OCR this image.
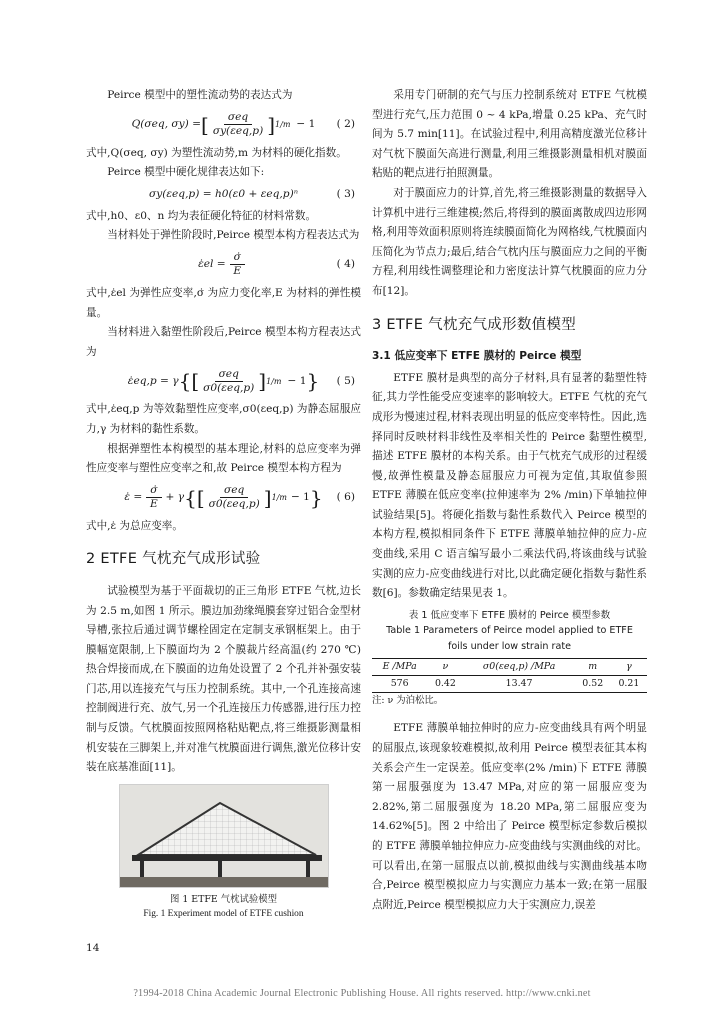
Peirce 模型中的塑性流动势的表达式为

Q(σeq, σy) = [ $\frac{\text{σeq}}{\text{σy(εeq,p)}}$ ] 1/m − 1 ( 2)

式中,Q(σeq, σy) 为塑性流动势,m 为材料的硬化指数。

Peirce 模型中硬化规律表达如下:

σy(εeq,p) = h0(ε0 + εeq,p)ⁿ	( 3)

式中,h0、ε0、n 均为表征硬化特征的材料常数。

当材料处于弹性阶段时,Peirce 模型本构方程表达式为

ε̇el = $\frac{\sigmȧ}{E}$	( 4)

式中,ε̇el 为弹性应变率,σ̇ 为应力变化率,E 为材料的弹性模量。

当材料进入黏塑性阶段后,Peirce 模型本构方程表达式为

ε̇eq,p = γ {[ $\frac{\text{σeq}}{\text{σ0(εeq,p)}}$ ] 1/m − 1 } ( 5)

式中,ε̇eq,p 为等效黏塑性应变率,σ0(εeq,p) 为静态屈服应力,γ 为材料的黏性系数。

根据弹塑性本构模型的基本理论,材料的总应变率为弹性应变率与塑性应变率之和,故 Peirce 模型本构方程为

ε̇ = $\frac{\sigmȧ}{E} + \gamma$ {[ $\frac{\text{σeq}}{\text{σ0(εeq,p)}}$ ] 1/m − 1 } ( 6)

式中,ε̇ 为总应变率。

2 ETFE 气枕充气成形试验

试验模型为基于平面裁切的正三角形 ETFE 气枕,边长为 2.5 m,如图 1 所示。膜边加劲缘绳膜套穿过铝合金型材导槽,张拉后通过调节螺栓固定在定制支承钢框架上。由于膜幅宽限制,上下膜面均为 2 个膜裁片经高温(约 270 ℃)热合焊接而成,在下膜面的边角处设置了 2 个孔并补强安装门芯,用以连接充气与压力控制系统。其中,一个孔连接高速控制阀进行充、放气,另一个孔连接压力传感器,进行压力控制与反馈。气枕膜面按照网格粘贴靶点,将三维摄影测量相机安装在三脚架上,并对准气枕膜面进行调焦,激光位移计安装在底基准面[11]。

图 1 ETFE 气枕试验模型

Fig. 1 Experiment model of ETFE cushion

采用专门研制的充气与压力控制系统对 ETFE 气枕模型进行充气,压力范围 0 ~ 4 kPa,增量 0.25 kPa、充气时间为 5.7 min[11]。在试验过程中,利用高精度激光位移计对气枕下膜面矢高进行测量,利用三维摄影测量相机对膜面粘贴的靶点进行拍照测量。

对于膜面应力的计算,首先,将三维摄影测量的数据导入计算机中进行三维建模;然后,将得到的膜面离散成四边形网格,利用等效面积原则将连续膜面简化为网格线,气枕膜面内压简化为节点力;最后,结合气枕内压与膜面应力之间的平衡方程,利用线性调整理论和力密度法计算气枕膜面的应力分布[12]。

3 ETFE 气枕充气成形数值模型
3.1 低应变率下 ETFE 膜材的 Peirce 模型

ETFE 膜材是典型的高分子材料,具有显著的黏塑性特征,其力学性能受应变速率的影响较大。ETFE 气枕的充气成形为慢速过程,材料表现出明显的低应变率特性。因此,选择同时反映材料非线性及率相关性的 Peirce 黏塑性模型,描述 ETFE 膜材的本构关系。由于气枕充气成形的过程缓慢,故弹性模量及静态屈服应力可视为定值,其取值参照 ETFE 薄膜在低应变率(拉伸速率为 2% /min)下单轴拉伸试验结果[5]。将硬化指数与黏性系数代入 Peirce 模型的本构方程,模拟相同条件下 ETFE 薄膜单轴拉伸的应力-应变曲线,采用 C 语言编写最小二乘法代码,将该曲线与试验实测的应力-应变曲线进行对比,以此确定硬化指数与黏性系数[6]。参数确定结果见表 1。

表 1 低应变率下 ETFE 膜材的 Peirce 模型参数

Table 1 Parameters of Peirce model applied to ETFE

foils under low strain rate

E /MPa	ν	σ0(εeq,p) /MPa	m	γ
576	0.42	13.47	0.52	0.21

注: ν 为泊松比。

ETFE 薄膜单轴拉伸时的应力-应变曲线具有两个明显的屈服点,该现象较难模拟,故利用 Peirce 模型表征其本构关系会产生一定误差。低应变率(2% /min)下 ETFE 薄膜第一屈服强度为 13.47 MPa,对应的第一屈服应变为 2.82%,第二屈服强度为 18.20 MPa,第二屈服应变为 14.62%[5]。图 2 中给出了 Peirce 模型标定参数后模拟的 ETFE 薄膜单轴拉伸应力-应变曲线与实测曲线的对比。可以看出,在第一屈服点以前,模拟曲线与实测曲线基本吻合,Peirce 模型模拟应力与实测应力基本一致;在第一屈服点附近,Peirce 模型模拟应力大于实测应力,误差

14
?1994-2018 China Academic Journal Electronic Publishing House. All rights reserved. http://www.cnki.net
